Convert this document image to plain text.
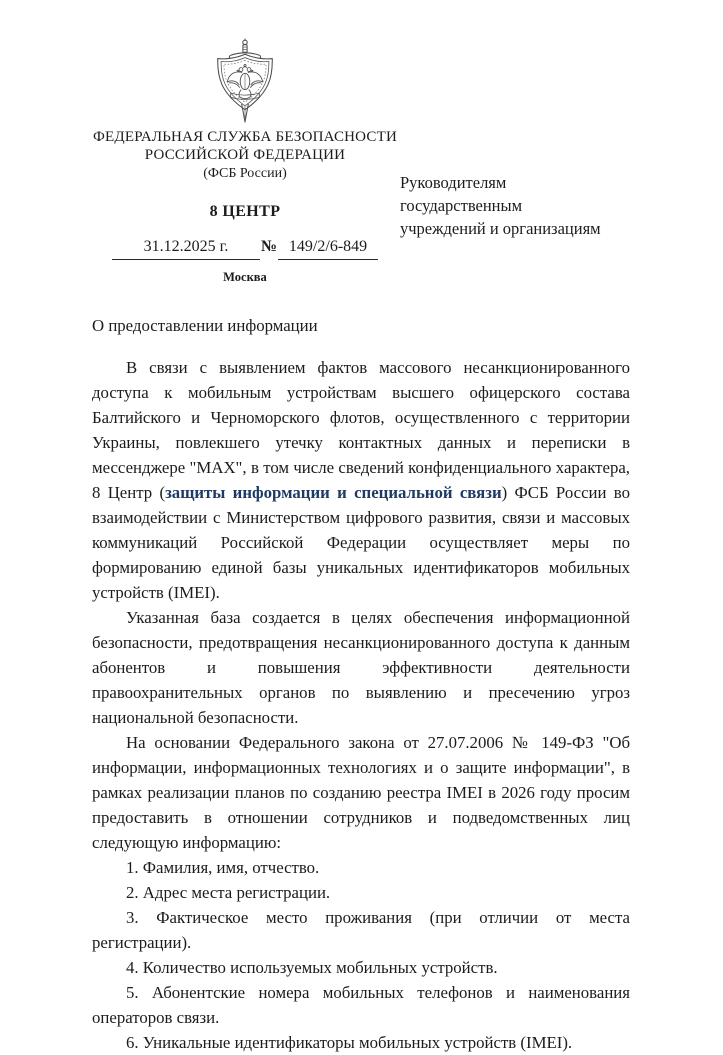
ФЕДЕРАЛЬНАЯ СЛУЖБА БЕЗОПАСНОСТИ
РОССИЙСКОЙ ФЕДЕРАЦИИ
(ФСБ России)
8 ЦЕНТР
31.12.2025 г. № 149/2/6-849
Москва
Руководителям государственным
учреждений и организациям

О предоставлении информации

В связи с выявлением фактов массового несанкционированного доступа к мобильным устройствам высшего офицерского состава Балтийского и Черноморского флотов, осуществленного с территории Украины, повлекшего утечку контактных данных и переписки в мессенджере "MAX", в том числе сведений конфиденциального характера, 8 Центр (защиты информации и специальной связи) ФСБ России во взаимодействии с Министерством цифрового развития, связи и массовых коммуникаций Российской Федерации осуществляет меры по формированию единой базы уникальных идентификаторов мобильных устройств (IMEI).

Указанная база создается в целях обеспечения информационной безопасности, предотвращения несанкционированного доступа к данным абонентов и повышения эффективности деятельности правоохранительных органов по выявлению и пресечению угроз национальной безопасности.

На основании Федерального закона от 27.07.2006 № 149-ФЗ "Об информации, информационных технологиях и о защите информации", в рамках реализации планов по созданию реестра IMEI в 2026 году просим предоставить в отношении сотрудников и подведомственных лиц следующую информацию:

1. Фамилия, имя, отчество.

2. Адрес места регистрации.

3. Фактическое место проживания (при отличии от места регистрации).

4. Количество используемых мобильных устройств.

5. Абонентские номера мобильных телефонов и наименования операторов связи.

6. Уникальные идентификаторы мобильных устройств (IMEI).
